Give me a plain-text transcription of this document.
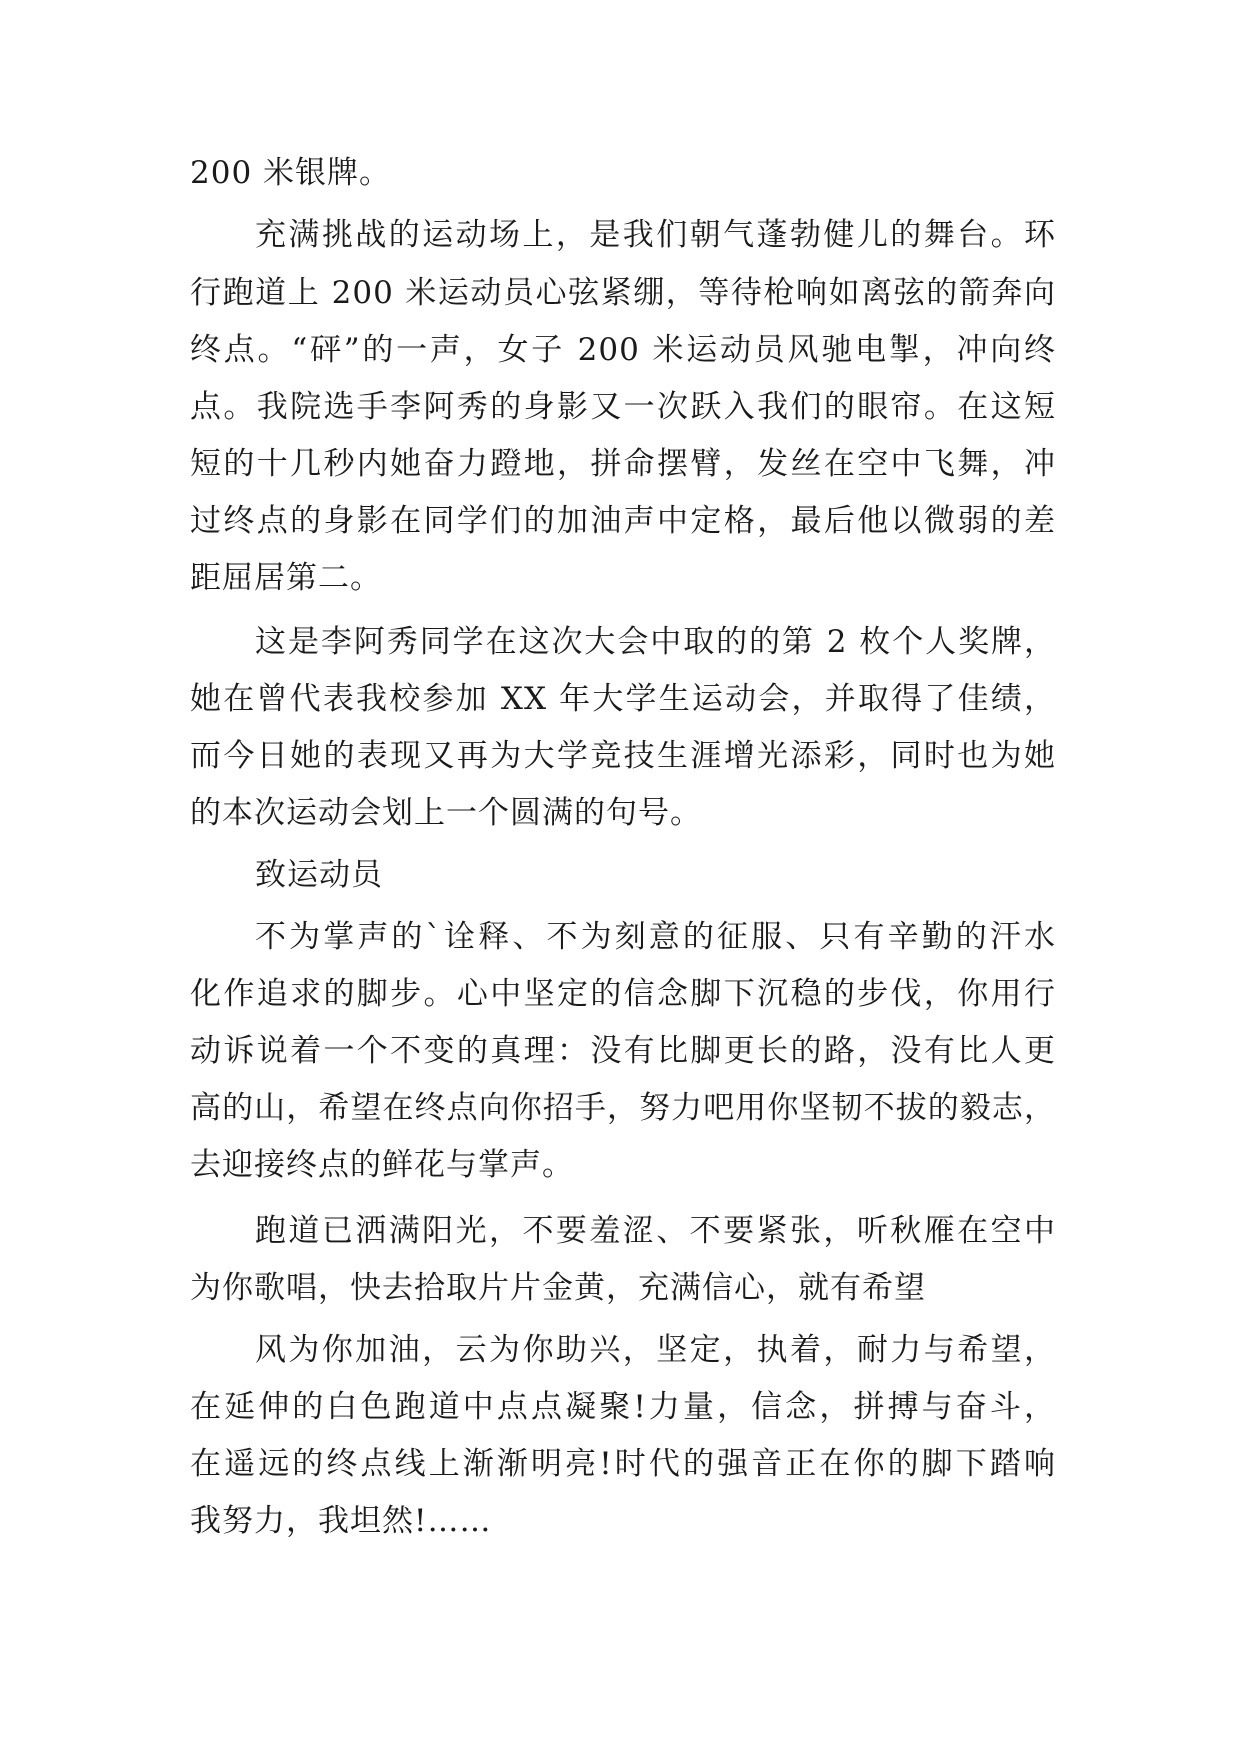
200 米银牌。
充满挑战的运动场上，是我们朝气蓬勃健儿的舞台。环
行跑道上 200 米运动员心弦紧绷，等待枪响如离弦的箭奔向
终点。“砰”的一声，女子 200 米运动员风驰电掣，冲向终
点。我院选手李阿秀的身影又一次跃入我们的眼帘。在这短
短的十几秒内她奋力蹬地，拼命摆臂，发丝在空中飞舞，冲
过终点的身影在同学们的加油声中定格，最后他以微弱的差
距屈居第二。
这是李阿秀同学在这次大会中取的的第 2 枚个人奖牌，
她在曾代表我校参加 XX 年大学生运动会，并取得了佳绩，
而今日她的表现又再为大学竞技生涯增光添彩，同时也为她
的本次运动会划上一个圆满的句号。
致运动员
不为掌声的`诠释、不为刻意的征服、只有辛勤的汗水
化作追求的脚步。心中坚定的信念脚下沉稳的步伐，你用行
动诉说着一个不变的真理：没有比脚更长的路，没有比人更
高的山，希望在终点向你招手，努力吧用你坚韧不拔的毅志，
去迎接终点的鲜花与掌声。
跑道已洒满阳光，不要羞涩、不要紧张，听秋雁在空中
为你歌唱，快去拾取片片金黄，充满信心，就有希望
风为你加油，云为你助兴，坚定，执着，耐力与希望，
在延伸的白色跑道中点点凝聚!力量，信念，拼搏与奋斗，
在遥远的终点线上渐渐明亮!时代的强音正在你的脚下踏响
我努力，我坦然!……
